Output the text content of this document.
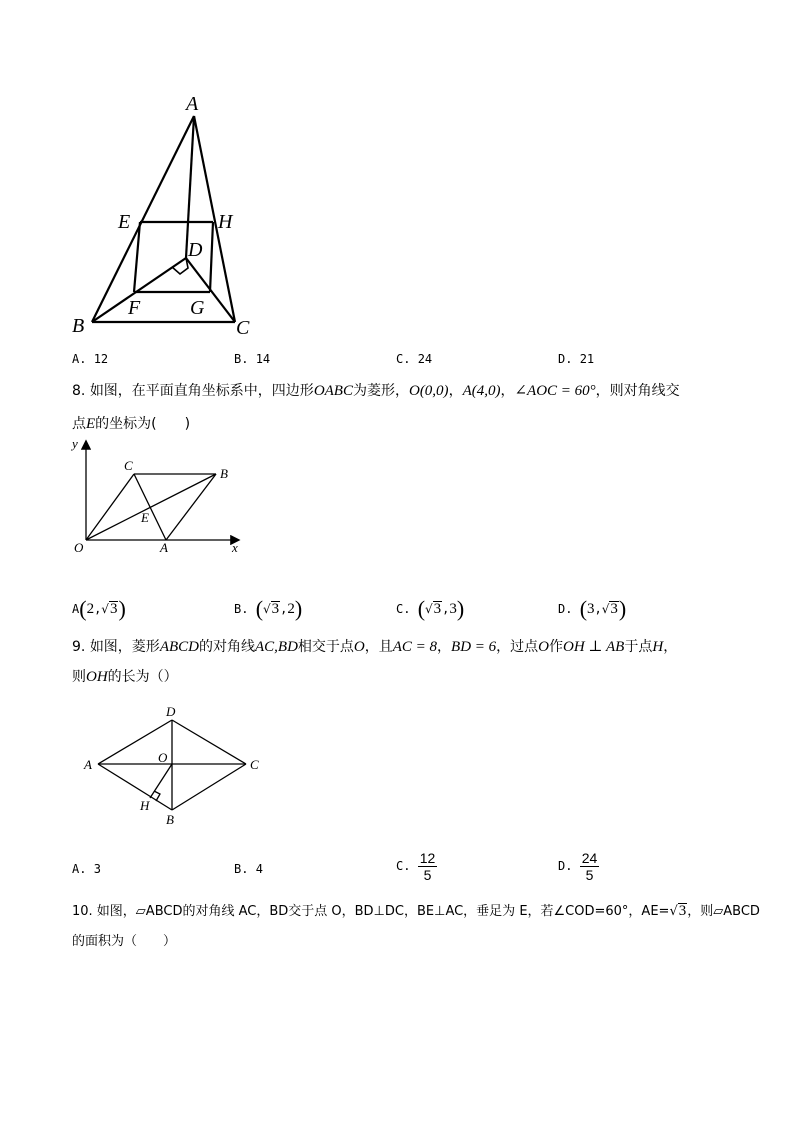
A
E	H
D
B
F G
C
A. 12	B. 14	C. 24	D. 21
8. 如图，在平面直角坐标系中，四边形OABC为菱形，O(0,0)，A(4,0)，∠AOC = 60°，则对角线交
点E的坐标为(　　)
y
C
B
E
O	A	x
A(2,√3)	B. (√3,2)	C. (√3,3)	D. (3,√3)
9. 如图，菱形ABCD的对角线AC,BD相交于点O，且AC = 8，BD = 6，过点O作OH ⊥ AB于点H，
则OH的长为（）
D
A	O	C
H
B
A. 3	B. 4	C. $\frac{12}{5}$	D. $\frac{24}{5}$
10. 如图，▱ABCD的对角线 AC，BD交于点 O，BD⊥DC，BE⊥AC，垂足为 E，若∠COD=60°，AE=√3，则▱ABCD
的面积为（　　）
